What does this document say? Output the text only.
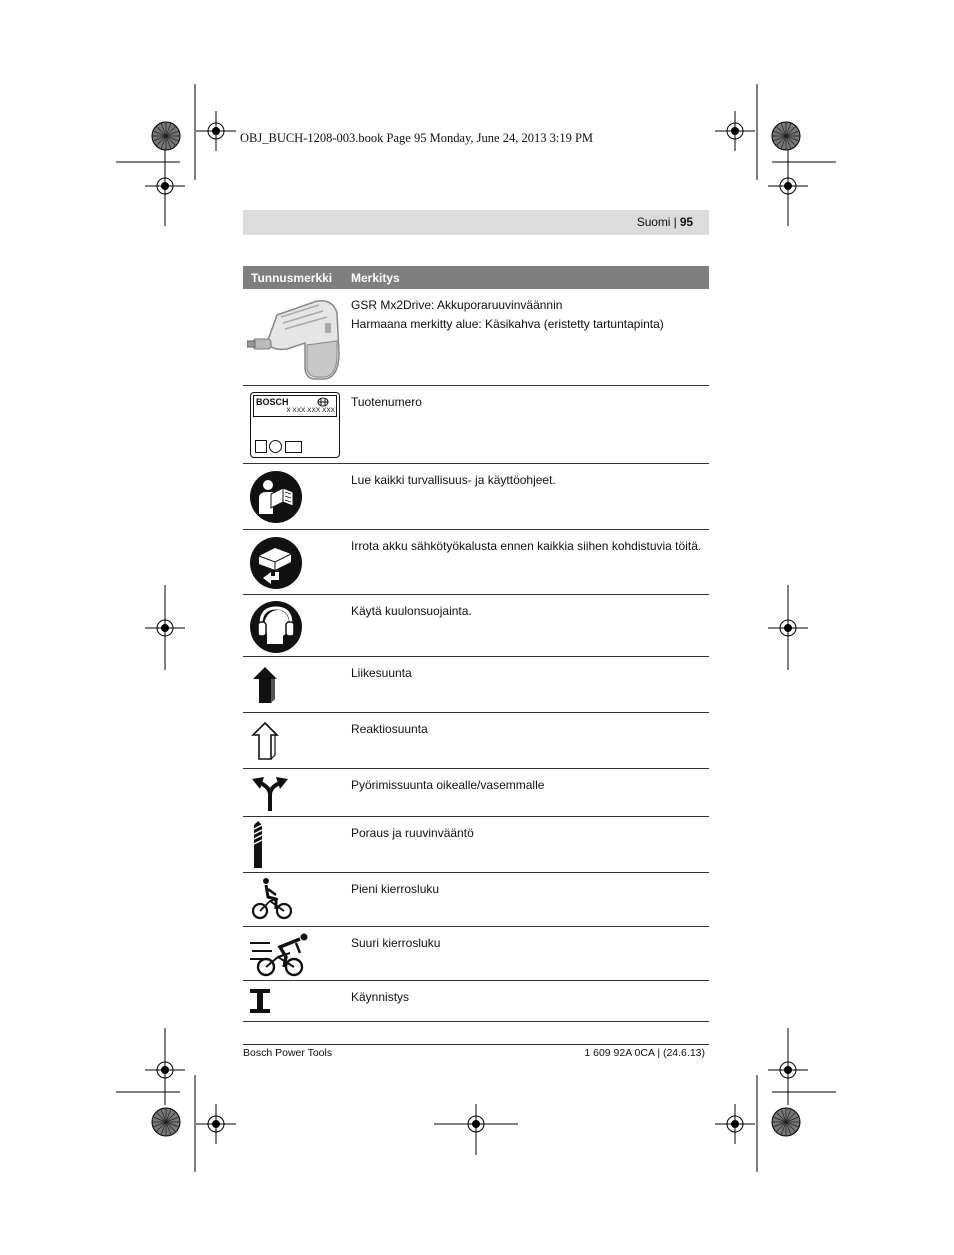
OBJ_BUCH-1208-003.book Page 95 Monday, June 24, 2013 3:19 PM
Suomi | 95
Tunnusmerkki Merkitys
GSR Mx2Drive: Akkuporaruuvinväännin
Harmaana merkitty alue: Käsikahva (eristetty tartuntapinta)
BOSCH
X XXX XXX XXX
Tuotenumero
Lue kaikki turvallisuus- ja käyttöohjeet.
Irrota akku sähkötyökalusta ennen kaikkia siihen kohdistuvia töitä.
Käytä kuulonsuojainta.
Liikesuunta
Reaktiosuunta
Pyörimissuunta oikealle/vasemmalle
Poraus ja ruuvinvääntö
Pieni kierrosluku
Suuri kierrosluku
Käynnistys
Bosch Power Tools	1 609 92A 0CA | (24.6.13)
